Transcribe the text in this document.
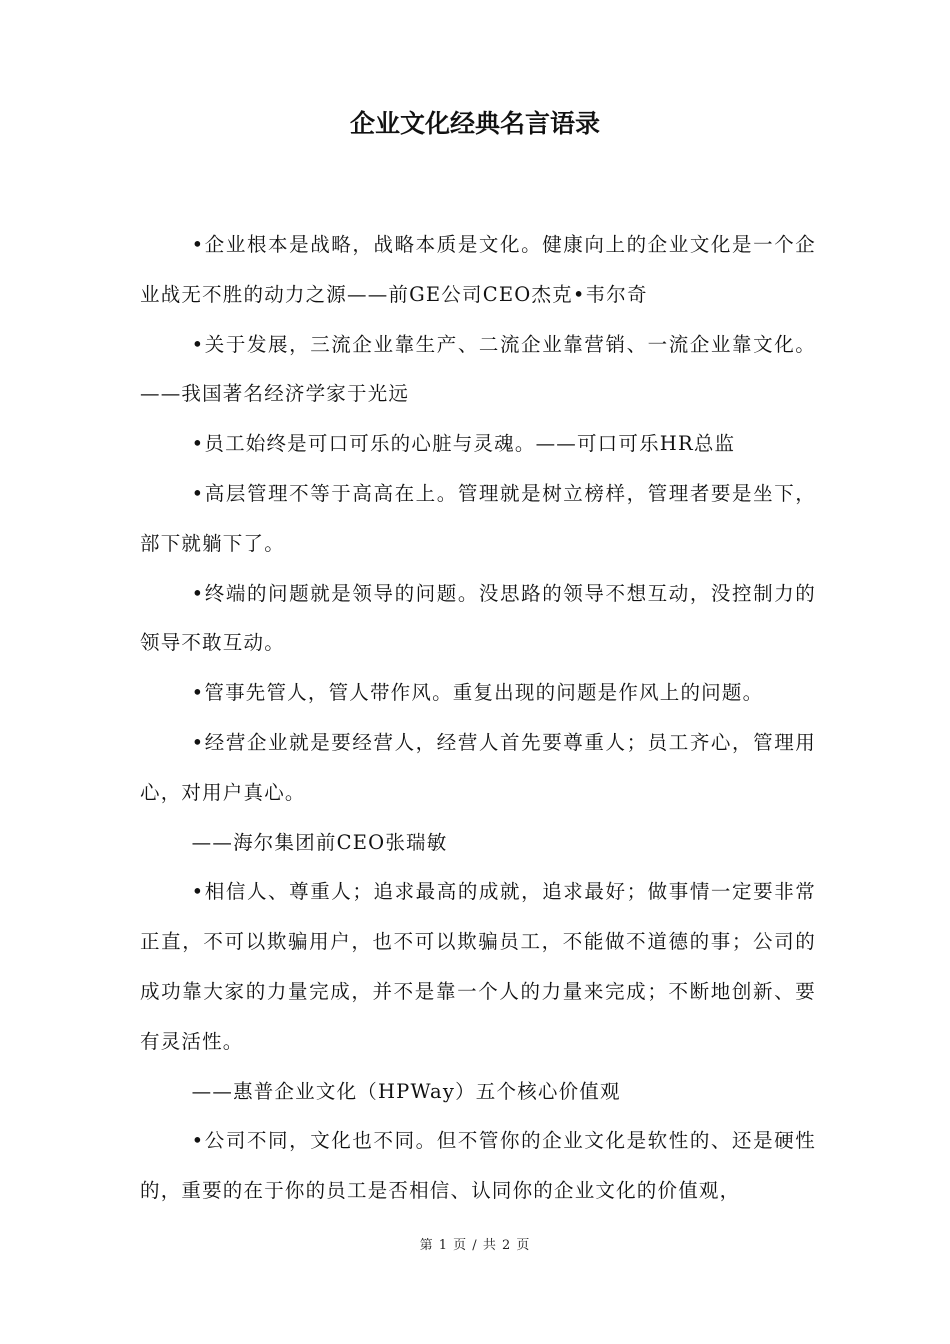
企业文化经典名言语录

•企业根本是战略，战略本质是文化。健康向上的企业文化是一个企业战无不胜的动力之源——前GE公司CEO杰克•韦尔奇

•关于发展，三流企业靠生产、二流企业靠营销、一流企业靠文化。——我国著名经济学家于光远

•员工始终是可口可乐的心脏与灵魂。——可口可乐HR总监

•高层管理不等于高高在上。管理就是树立榜样，管理者要是坐下，部下就躺下了。

•终端的问题就是领导的问题。没思路的领导不想互动，没控制力的领导不敢互动。

•管事先管人，管人带作风。重复出现的问题是作风上的问题。

•经营企业就是要经营人，经营人首先要尊重人；员工齐心，管理用心，对用户真心。

——海尔集团前CEO张瑞敏

•相信人、尊重人；追求最高的成就，追求最好；做事情一定要非常正直，不可以欺骗用户，也不可以欺骗员工，不能做不道德的事；公司的成功靠大家的力量完成，并不是靠一个人的力量来完成；不断地创新、要有灵活性。

——惠普企业文化（HPWay）五个核心价值观

•公司不同，文化也不同。但不管你的企业文化是软性的、还是硬性的，重要的在于你的员工是否相信、认同你的企业文化的价值观，

第 1 页 / 共 2 页
